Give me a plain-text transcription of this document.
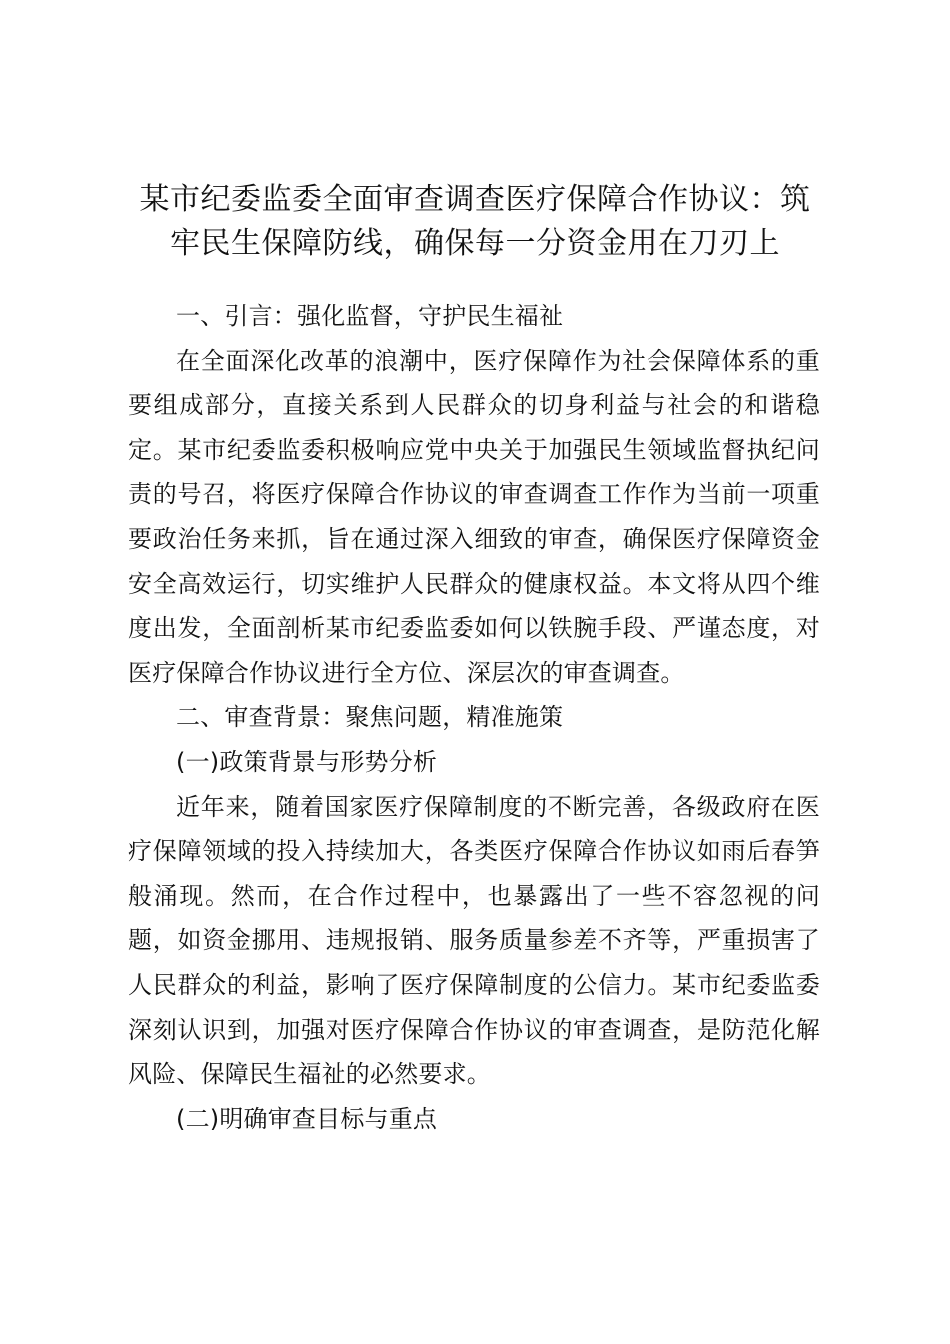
某市纪委监委全面审查调查医疗保障合作协议：筑牢民生保障防线，确保每一分资金用在刀刃上

一、引言：强化监督，守护民生福祉

在全面深化改革的浪潮中，医疗保障作为社会保障体系的重要组成部分，直接关系到人民群众的切身利益与社会的和谐稳定。某市纪委监委积极响应党中央关于加强民生领域监督执纪问责的号召，将医疗保障合作协议的审查调查工作作为当前一项重要政治任务来抓，旨在通过深入细致的审查，确保医疗保障资金安全高效运行，切实维护人民群众的健康权益。本文将从四个维度出发，全面剖析某市纪委监委如何以铁腕手段、严谨态度，对医疗保障合作协议进行全方位、深层次的审查调查。

二、审查背景：聚焦问题，精准施策

(一)政策背景与形势分析

近年来，随着国家医疗保障制度的不断完善，各级政府在医疗保障领域的投入持续加大，各类医疗保障合作协议如雨后春笋般涌现。然而，在合作过程中，也暴露出了一些不容忽视的问题，如资金挪用、违规报销、服务质量参差不齐等，严重损害了人民群众的利益，影响了医疗保障制度的公信力。某市纪委监委深刻认识到，加强对医疗保障合作协议的审查调查，是防范化解风险、保障民生福祉的必然要求。

(二)明确审查目标与重点
